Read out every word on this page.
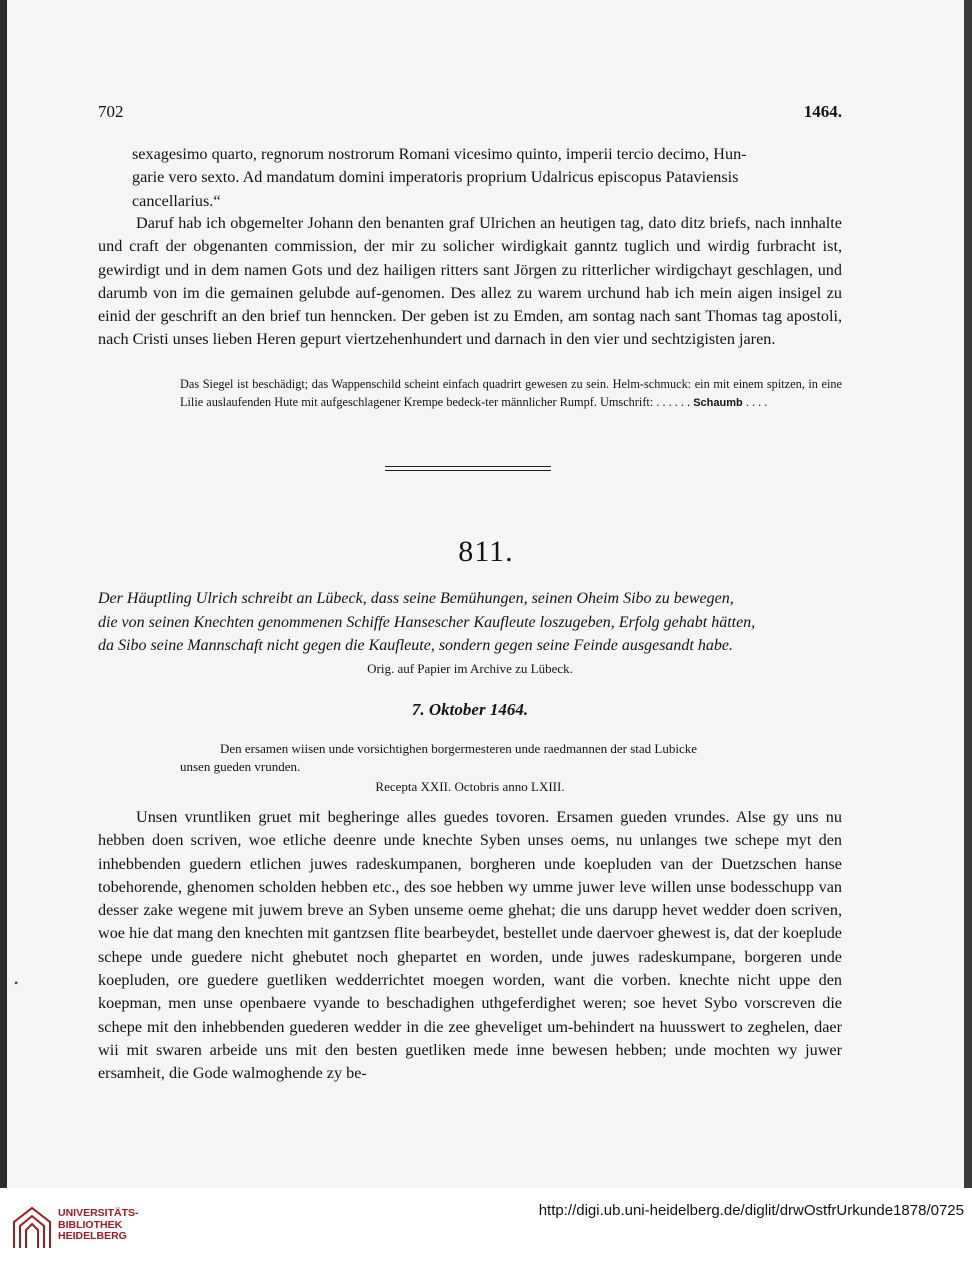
702	1464.

sexagesimo quarto, regnorum nostrorum Romani vicesimo quinto, imperii tercio decimo, Hun-

garie vero sexto. Ad mandatum domini imperatoris proprium Udalricus episcopus Pataviensis

cancellarius.“

Daruf hab ich obgemelter Johann den benanten graf Ulrichen an heutigen tag, dato ditz briefs, nach innhalte und craft der obgenanten commission, der mir zu solicher wirdigkait ganntz tuglich und wirdig furbracht ist, gewirdigt und in dem namen Gots und dez hailigen ritters sant Jörgen zu ritterlicher wirdigchayt geschlagen, und darumb von im die gemainen gelubde auf-genomen. Des allez zu warem urchund hab ich mein aigen insigel zu einid der geschrift an den brief tun henncken. Der geben ist zu Emden, am sontag nach sant Thomas tag apostoli, nach Cristi unses lieben Heren gepurt viertzehenhundert und darnach in den vier und sechtzigisten jaren.

Das Siegel ist beschädigt; das Wappenschild scheint einfach quadrirt gewesen zu sein. Helm-schmuck: ein mit einem spitzen, in eine Lilie auslaufenden Hute mit aufgeschlagener Krempe bedeck-ter männlicher Rumpf. Umschrift: . . . . . . Schaumb . . . .
811.

Der Häuptling Ulrich schreibt an Lübeck, dass seine Bemühungen, seinen Oheim Sibo zu bewegen,

die von seinen Knechten genommenen Schiffe Hansescher Kaufleute loszugeben, Erfolg gehabt hätten,

da Sibo seine Mannschaft nicht gegen die Kaufleute, sondern gegen seine Feinde ausgesandt habe.

Orig. auf Papier im Archive zu Lübeck.
7. Oktober 1464.

Den ersamen wiisen unde vorsichtighen borgermesteren unde raedmannen der stad Lubicke

unsen gueden vrunden.

Recepta XXII. Octobris anno LXIII.

Unsen vruntliken gruet mit begheringe alles guedes tovoren. Ersamen gueden vrundes. Alse gy uns nu hebben doen scriven, woe etliche deenre unde knechte Syben unses oems, nu unlanges twe schepe myt den inhebbenden guedern etlichen juwes radeskumpanen, borgheren unde koepluden van der Duetzschen hanse tobehorende, ghenomen scholden hebben etc., des soe hebben wy umme juwer leve willen unse bodesschupp van desser zake wegene mit juwem breve an Syben unseme oeme ghehat; die uns darupp hevet wedder doen scriven, woe hie dat mang den knechten mit gantzsen flite bearbeydet, bestellet unde daervoer ghewest is, dat der koeplude schepe unde guedere nicht ghebutet noch ghepartet en worden, unde juwes radeskumpane, borgeren unde koepluden, ore guedere guetliken wedderrichtet moegen worden, want die vorben. knechte nicht uppe den koepman, men unse openbaere vyande to beschadighen uthgeferdighet weren; soe hevet Sybo vorscreven die schepe mit den inhebbenden guederen wedder in die zee gheveliget um-behindert na huusswert to zeghelen, daer wii mit swaren arbeide uns mit den besten guetliken mede inne bewesen hebben; unde mochten wy juwer ersamheit, die Gode walmoghende zy be-

•
UNIVERSITÄTS-
BIBLIOTHEK
HEIDELBERG
http://digi.ub.uni-heidelberg.de/diglit/drwOstfrUrkunde1878/0725
